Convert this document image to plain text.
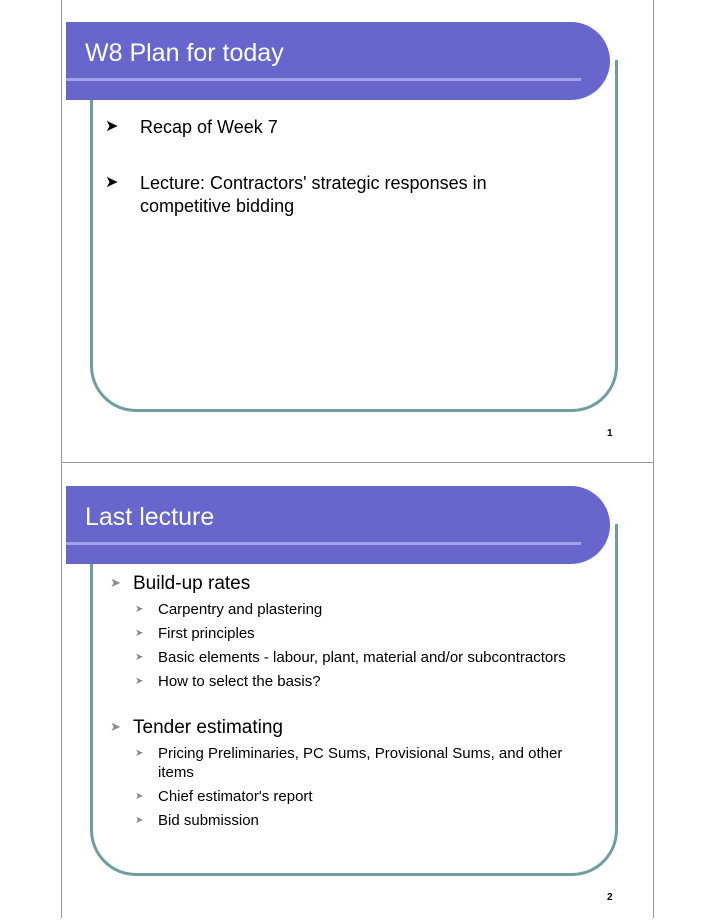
W8 Plan for today
➤ Recap of Week 7
➤ Lecture: Contractors' strategic responses in competitive bidding
1
Last lecture
➤ Build-up rates
➤ Carpentry and plastering
➤ First principles
➤ Basic elements - labour, plant, material and/or subcontractors
➤ How to select the basis?
➤ Tender estimating
➤ Pricing Preliminaries, PC Sums, Provisional Sums, and other items
➤ Chief estimator's report
➤ Bid submission
2
